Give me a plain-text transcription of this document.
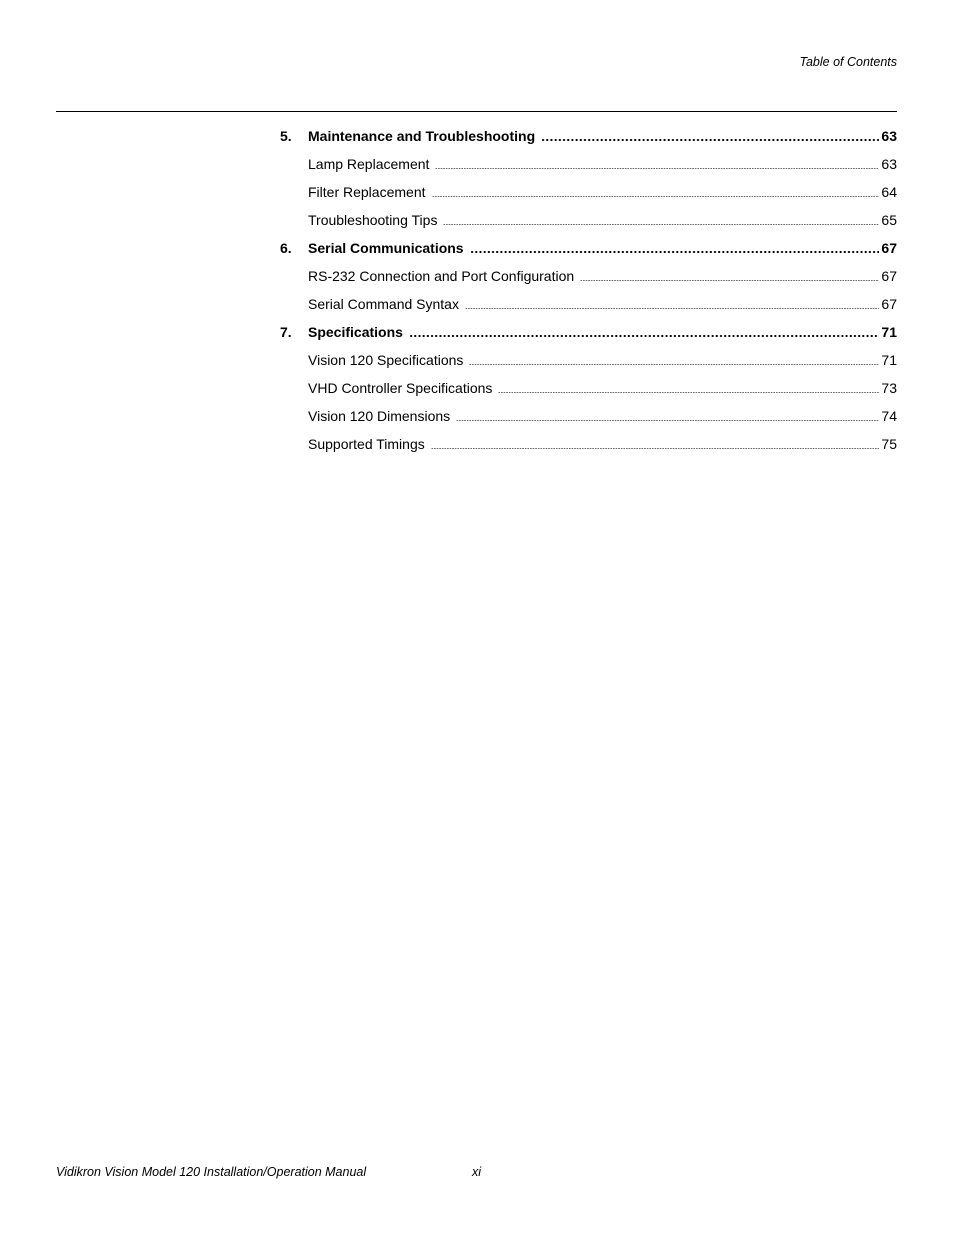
Table of Contents
5.	Maintenance and Troubleshooting	63
Lamp Replacement	63
Filter Replacement	64
Troubleshooting Tips	65
6.	Serial Communications	67
RS-232 Connection and Port Configuration	67
Serial Command Syntax	67
7.	Specifications	71
Vision 120 Specifications	71
VHD Controller Specifications	73
Vision 120 Dimensions	74
Supported Timings	75
Vidikron Vision Model 120 Installation/Operation Manual	xi
